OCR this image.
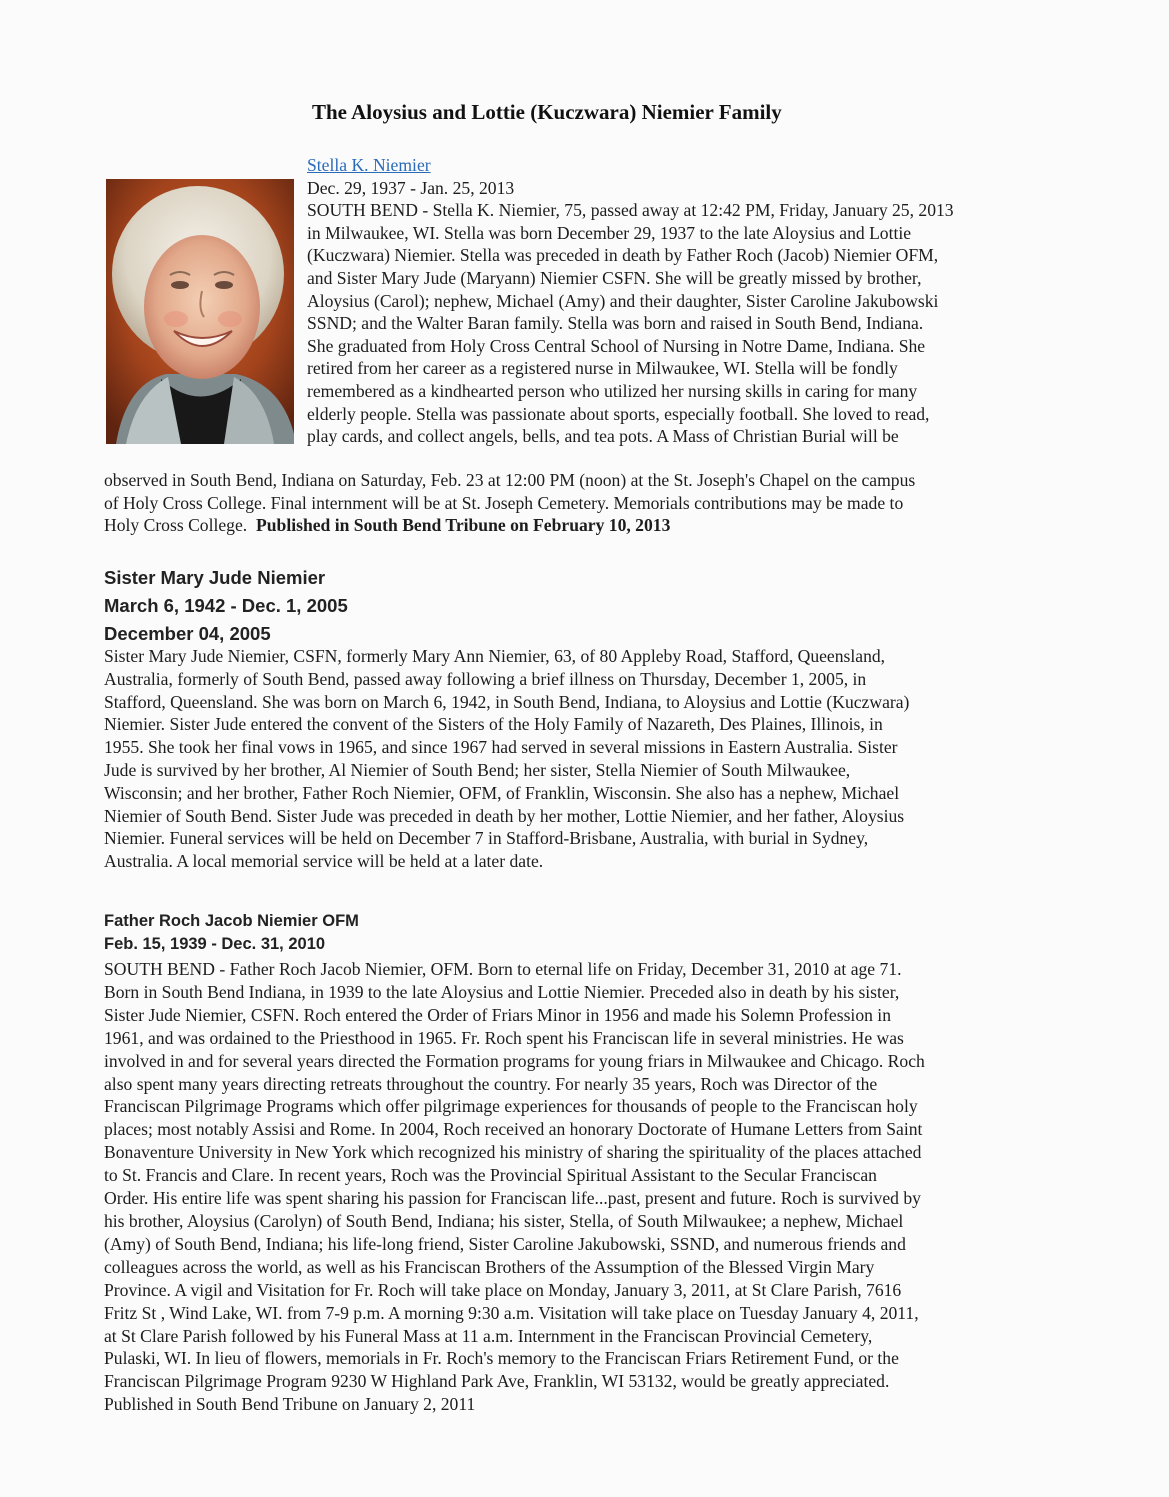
The Aloysius and Lottie (Kuczwara) Niemier Family
Stella K. Niemier
Dec. 29, 1937 - Jan. 25, 2013
SOUTH BEND - Stella K. Niemier, 75, passed away at 12:42 PM, Friday, January 25, 2013
in Milwaukee, WI. Stella was born December 29, 1937 to the late Aloysius and Lottie
(Kuczwara) Niemier. Stella was preceded in death by Father Roch (Jacob) Niemier OFM,
and Sister Mary Jude (Maryann) Niemier CSFN. She will be greatly missed by brother,
Aloysius (Carol); nephew, Michael (Amy) and their daughter, Sister Caroline Jakubowski
SSND; and the Walter Baran family. Stella was born and raised in South Bend, Indiana.
She graduated from Holy Cross Central School of Nursing in Notre Dame, Indiana. She
retired from her career as a registered nurse in Milwaukee, WI. Stella will be fondly
remembered as a kindhearted person who utilized her nursing skills in caring for many
elderly people. Stella was passionate about sports, especially football. She loved to read,
play cards, and collect angels, bells, and tea pots. A Mass of Christian Burial will be
observed in South Bend, Indiana on Saturday, Feb. 23 at 12:00 PM (noon) at the St. Joseph's Chapel on the campus
of Holy Cross College. Final internment will be at St. Joseph Cemetery. Memorials contributions may be made to
Holy Cross College. Published in South Bend Tribune on February 10, 2013
Sister Mary Jude Niemier
March 6, 1942 - Dec. 1, 2005
December 04, 2005
Sister Mary Jude Niemier, CSFN, formerly Mary Ann Niemier, 63, of 80 Appleby Road, Stafford, Queensland,
Australia, formerly of South Bend, passed away following a brief illness on Thursday, December 1, 2005, in
Stafford, Queensland. She was born on March 6, 1942, in South Bend, Indiana, to Aloysius and Lottie (Kuczwara)
Niemier. Sister Jude entered the convent of the Sisters of the Holy Family of Nazareth, Des Plaines, Illinois, in
1955. She took her final vows in 1965, and since 1967 had served in several missions in Eastern Australia. Sister
Jude is survived by her brother, Al Niemier of South Bend; her sister, Stella Niemier of South Milwaukee,
Wisconsin; and her brother, Father Roch Niemier, OFM, of Franklin, Wisconsin. She also has a nephew, Michael
Niemier of South Bend. Sister Jude was preceded in death by her mother, Lottie Niemier, and her father, Aloysius
Niemier. Funeral services will be held on December 7 in Stafford-Brisbane, Australia, with burial in Sydney,
Australia. A local memorial service will be held at a later date.
Father Roch Jacob Niemier OFM
Feb. 15, 1939 - Dec. 31, 2010
SOUTH BEND - Father Roch Jacob Niemier, OFM. Born to eternal life on Friday, December 31, 2010 at age 71.
Born in South Bend Indiana, in 1939 to the late Aloysius and Lottie Niemier. Preceded also in death by his sister,
Sister Jude Niemier, CSFN. Roch entered the Order of Friars Minor in 1956 and made his Solemn Profession in
1961, and was ordained to the Priesthood in 1965. Fr. Roch spent his Franciscan life in several ministries. He was
involved in and for several years directed the Formation programs for young friars in Milwaukee and Chicago. Roch
also spent many years directing retreats throughout the country. For nearly 35 years, Roch was Director of the
Franciscan Pilgrimage Programs which offer pilgrimage experiences for thousands of people to the Franciscan holy
places; most notably Assisi and Rome. In 2004, Roch received an honorary Doctorate of Humane Letters from Saint
Bonaventure University in New York which recognized his ministry of sharing the spirituality of the places attached
to St. Francis and Clare. In recent years, Roch was the Provincial Spiritual Assistant to the Secular Franciscan
Order. His entire life was spent sharing his passion for Franciscan life...past, present and future. Roch is survived by
his brother, Aloysius (Carolyn) of South Bend, Indiana; his sister, Stella, of South Milwaukee; a nephew, Michael
(Amy) of South Bend, Indiana; his life-long friend, Sister Caroline Jakubowski, SSND, and numerous friends and
colleagues across the world, as well as his Franciscan Brothers of the Assumption of the Blessed Virgin Mary
Province. A vigil and Visitation for Fr. Roch will take place on Monday, January 3, 2011, at St Clare Parish, 7616
Fritz St , Wind Lake, WI. from 7-9 p.m. A morning 9:30 a.m. Visitation will take place on Tuesday January 4, 2011,
at St Clare Parish followed by his Funeral Mass at 11 a.m. Internment in the Franciscan Provincial Cemetery,
Pulaski, WI. In lieu of flowers, memorials in Fr. Roch's memory to the Franciscan Friars Retirement Fund, or the
Franciscan Pilgrimage Program 9230 W Highland Park Ave, Franklin, WI 53132, would be greatly appreciated.
Published in South Bend Tribune on January 2, 2011
